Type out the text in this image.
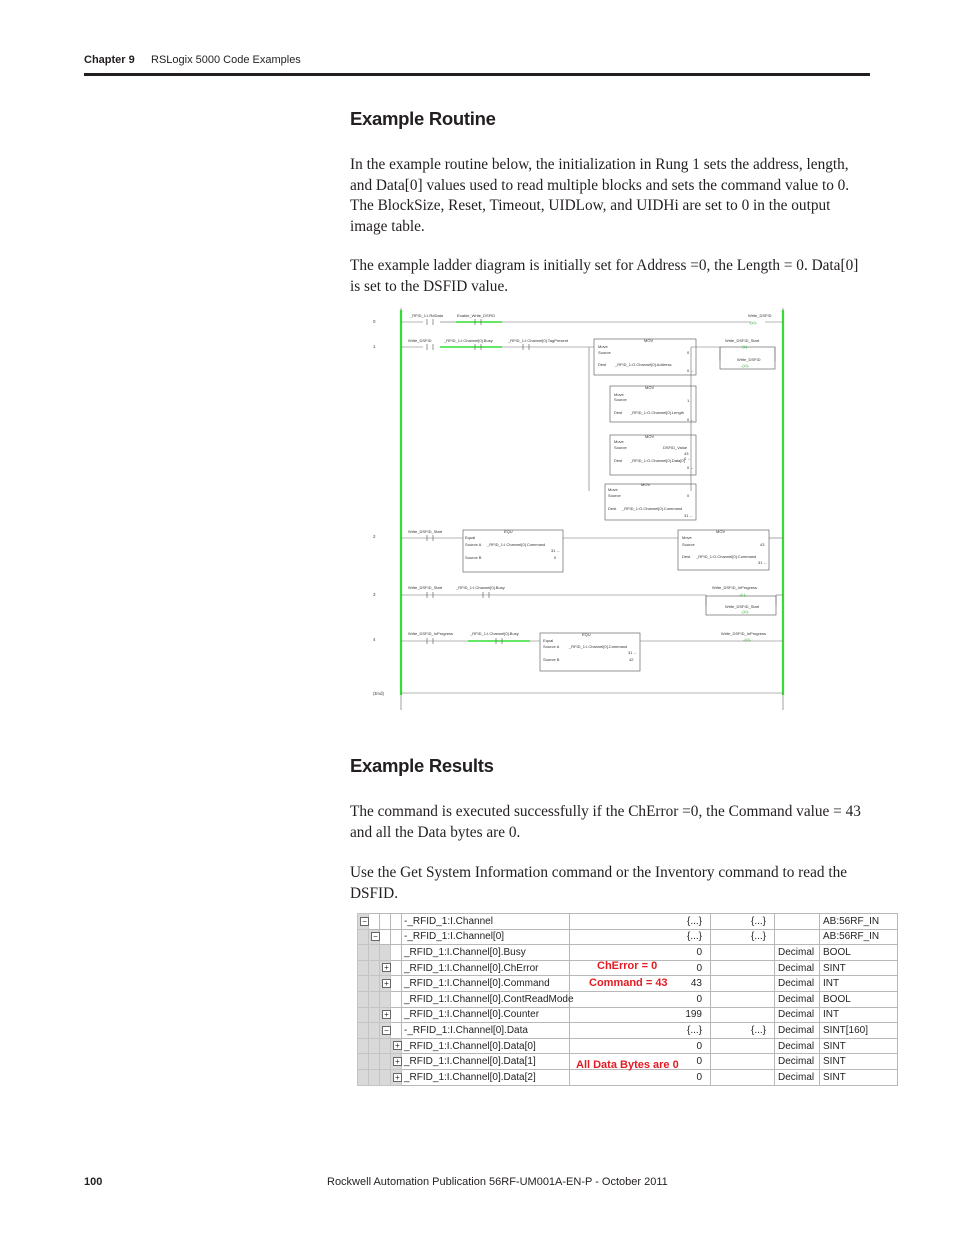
Chapter 9 RSLogix 5000 Code Examples
Example Routine

In the example routine below, the initialization in Rung 1 sets the address, length, and Data[0] values used to read multiple blocks and sets the command value to 0. The BlockSize, Reset, Timeout, UIDLow, and UIDHi are set to 0 in the output image table.

The example ladder diagram is initially set for Address =0, the Length = 0. Data[0] is set to the DSFID value.

0
1
2
3
4
(End)
_RFID_1:I.RdData	Enable_Write_DSFID	Write_DSFID
-(U)-
Write_DSFID	_RFID_1:I.Channel[0].Busy	_RFID_1:I.Channel[0].TagPresent	MOV
Move
Source	0
Dest _RFID_1:O.Channel[0].Address
0 ←
MOV
Move
Source	1
Dest _RFID_1:O.Channel[0].Length
0 ←
MOV
Move
Source	DSFID_Value
43
0 ←
Dest _RFID_1:O.Channel[0].Data[0]
0 ←
MOV
Move
Source	0
Dest _RFID_1:O.Channel[0].Command
31 ←
Write_DSFID_Start
-(L)-
Write_DSFID
-(U)-
Write_DSFID_Start	EQU
Equal
Source A _RFID_1:I.Channel[0].Command
31 ←
Source B	0
MOV
Move
Source	43
Dest _RFID_1:O.Channel[0].Command
31 ←
Write_DSFID_Start	_RFID_1:I.Channel[0].Busy	Write_DSFID_InProgress
-(L)-
Write_DSFID_Start
-(U)-
Write_DSFID_InProgress	_RFID_1:I.Channel[0].Busy	EQU
Equal
Source A _RFID_1:I.Channel[0].Command
31 ←
Source B	42
Write_DSFID_InProgress
-(U)-
Example Results

The command is executed successfully if the ChError =0, the Command value = 43 and all the Data bytes are 0.

Use the Get System Information command or the Inventory command to read the DSFID.

−				-_RFID_1:I.Channel	{...}	{...}		AB:56RF_IN
	−			-_RFID_1:I.Channel[0]	{...}	{...}		AB:56RF_IN
				_RFID_1:I.Channel[0].Busy	0		Decimal	BOOL
		+		_RFID_1:I.Channel[0].ChError	0		Decimal	SINT
		+		_RFID_1:I.Channel[0].Command	43		Decimal	INT
				_RFID_1:I.Channel[0].ContReadMode	0		Decimal	BOOL
		+		_RFID_1:I.Channel[0].Counter	199		Decimal	INT
		−		-_RFID_1:I.Channel[0].Data	{...}	{...}	Decimal	SINT[160]
			+	_RFID_1:I.Channel[0].Data[0]	0		Decimal	SINT
			+	_RFID_1:I.Channel[0].Data[1]	0		Decimal	SINT
			+	_RFID_1:I.Channel[0].Data[2]	0		Decimal	SINT
ChError = 0
Command = 43
All Data Bytes are 0
100	Rockwell Automation Publication 56RF-UM001A-EN-P - October 2011
